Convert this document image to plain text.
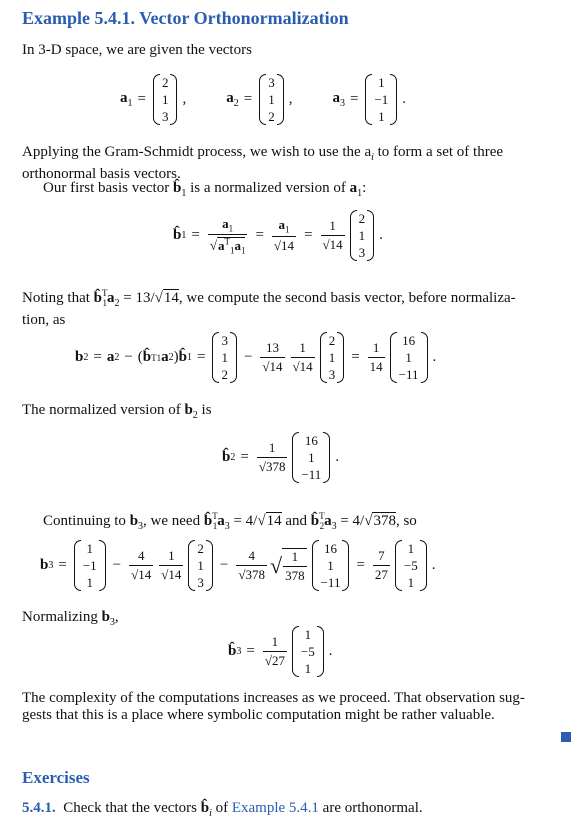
Example 5.4.1. Vector Orthonormalization
In 3-D space, we are given the vectors
$a_1$ =
2
1
3
,	$a_2$ =
3
1
2
,	$a_3$ =
1
−1
1
.
Applying the Gram-Schmidt process, we wish to use the $a_i$ to form a set of three
orthonormal basis vectors.
Our first basis vector $b̂_1$ is a normalized version of $a_1$:
b̂ $1 = \frac{a_1}{√a^T_1a_1} = \frac{a_1}{√14} = \frac{1}{√14} 2$
1
3
.
Noting that $b̂^T_1a_2 = 13/√14$, we compute the second basis vector, before normaliza-
tion, as
b 2 = a 2 − ( b̂ T 1 a 2 ) b̂ 1 =
3
1
2
− $\frac{13}{√14} \frac{1}{√14} 2$
1
3
= $\frac{1}{14} 16$
1
−11
.
The normalized version of $b_2$ is
b̂ $2 = \frac{1}{√378} 16$
1
−11
.
Continuing to $b_3$, we need $b̂^T_1a_3 = 4/√14$ and $b̂^T_2a_3 = 4/√378$, so
b 3 =
1
−1
1
− $\frac{4}{√14} \frac{1}{√14} 2$
1
3
− $\frac{4}{√378}$ √ $\frac{1}{378} 16$
1
−11
= $\frac{7}{27} 1$
−5
1
.
Normalizing $b_3$,
b̂ $3 = \frac{1}{√27} 1$
−5
1
.
The complexity of the computations increases as we proceed. That observation sug-
gests that this is a place where symbolic computation might be rather valuable.
Exercises
5.4.1. Check that the vectors $b̂_i$ of Example 5.4.1 are orthonormal.
